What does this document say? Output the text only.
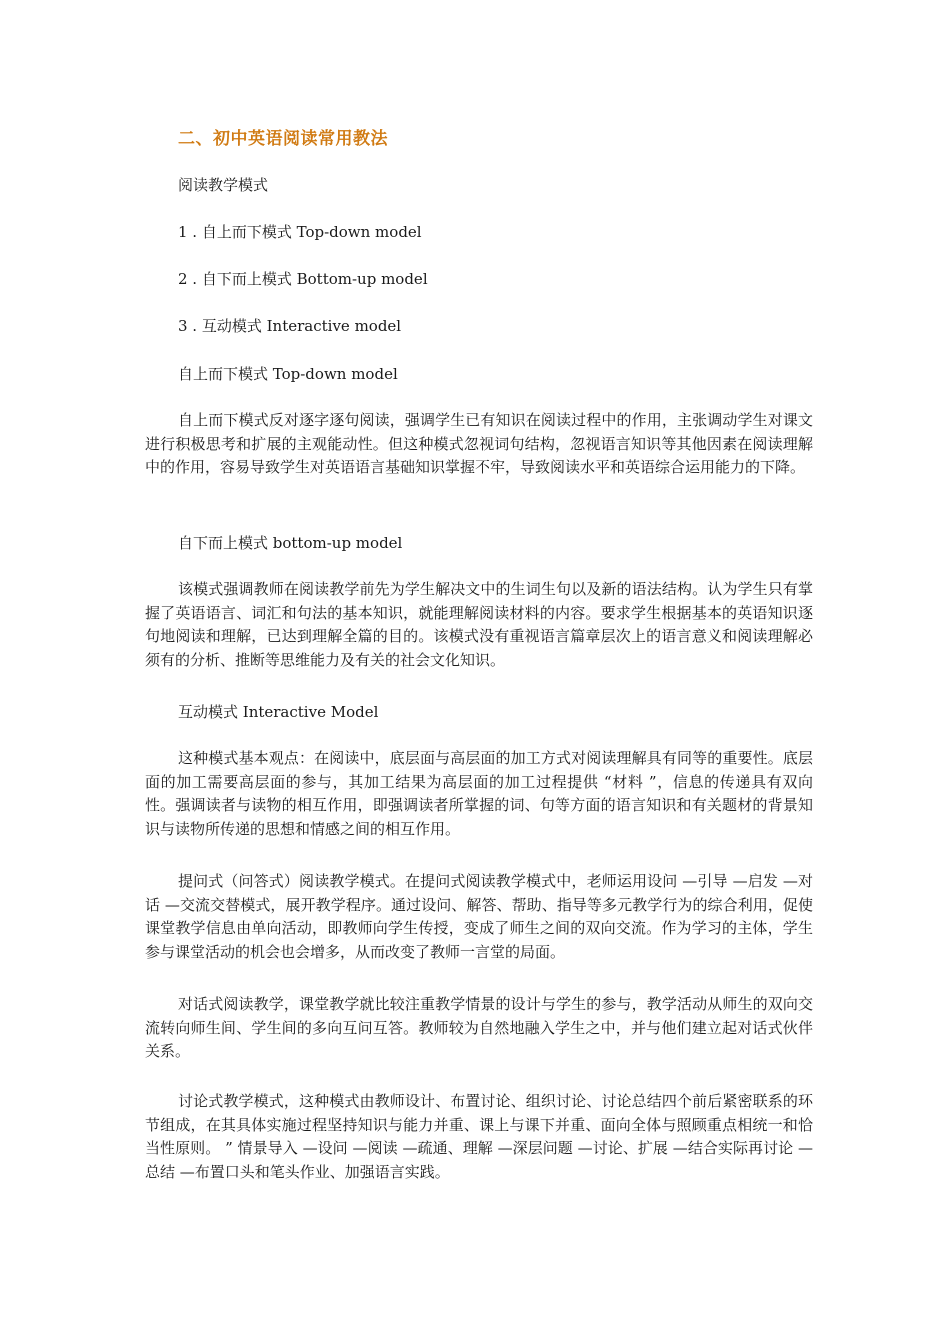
二、初中英语阅读常用教法
阅读教学模式
1 . 自上而下模式 Top-down model
2 . 自下而上模式 Bottom-up model
3 . 互动模式 Interactive model
自上而下模式 Top-down model
自上而下模式反对逐字逐句阅读，强调学生已有知识在阅读过程中的作用，主张调动学生对课文进行积极思考和扩展的主观能动性。但这种模式忽视词句结构，忽视语言知识等其他因素在阅读理解中的作用，容易导致学生对英语语言基础知识掌握不牢，导致阅读水平和英语综合运用能力的下降。
自下而上模式 bottom-up model
该模式强调教师在阅读教学前先为学生解决文中的生词生句以及新的语法结构。认为学生只有掌握了英语语言、词汇和句法的基本知识，就能理解阅读材料的内容。要求学生根据基本的英语知识逐句地阅读和理解，已达到理解全篇的目的。该模式没有重视语言篇章层次上的语言意义和阅读理解必须有的分析、推断等思维能力及有关的社会文化知识。
互动模式 Interactive Model
这种模式基本观点：在阅读中，底层面与高层面的加工方式对阅读理解具有同等的重要性。底层面的加工需要高层面的参与，其加工结果为高层面的加工过程提供 “材料 ”，信息的传递具有双向性。强调读者与读物的相互作用，即强调读者所掌握的词、句等方面的语言知识和有关题材的背景知识与读物所传递的思想和情感之间的相互作用。
提问式（问答式）阅读教学模式。在提问式阅读教学模式中，老师运用设问 —引导 —启发 —对话 —交流交替模式，展开教学程序。通过设问、解答、帮助、指导等多元教学行为的综合利用，促使课堂教学信息由单向活动，即教师向学生传授，变成了师生之间的双向交流。作为学习的主体，学生参与课堂活动的机会也会增多，从而改变了教师一言堂的局面。
对话式阅读教学，课堂教学就比较注重教学情景的设计与学生的参与，教学活动从师生的双向交流转向师生间、学生间的多向互问互答。教师较为自然地融入学生之中，并与他们建立起对话式伙伴关系。
讨论式教学模式，这种模式由教师设计、布置讨论、组织讨论、讨论总结四个前后紧密联系的环节组成，在其具体实施过程坚持知识与能力并重、课上与课下并重、面向全体与照顾重点相统一和恰当性原则。 ” 情景导入 —设问 —阅读 —疏通、理解 —深层问题 —讨论、扩展 —结合实际再讨论 —总结 —布置口头和笔头作业、加强语言实践。
